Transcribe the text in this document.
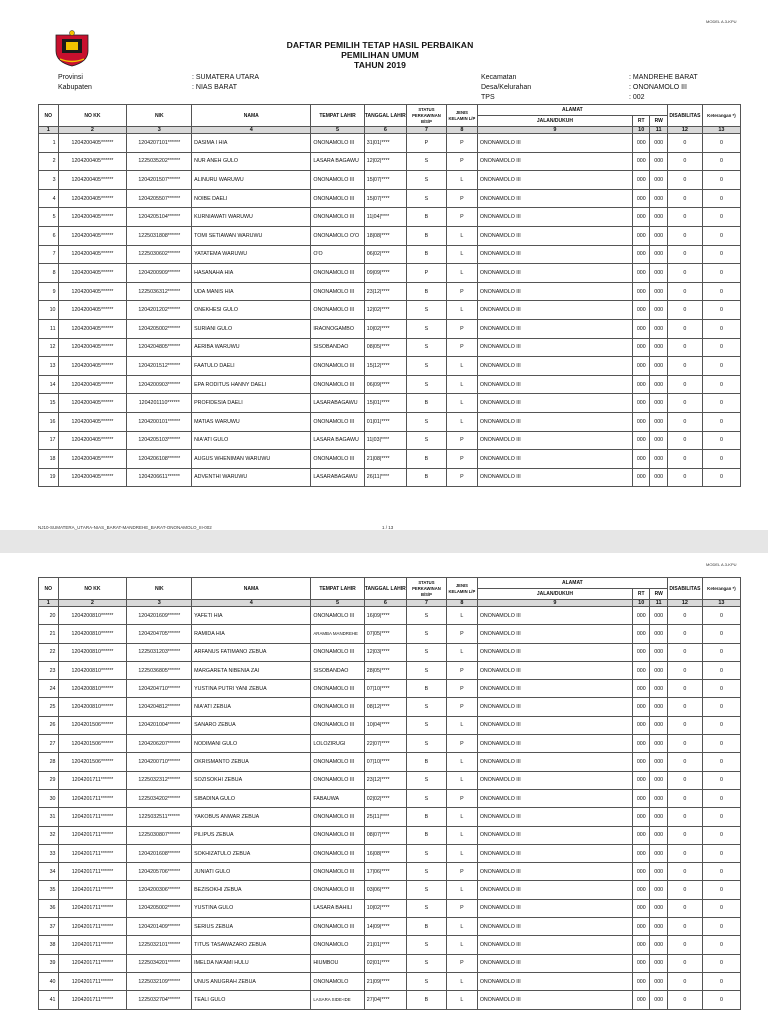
MODEL A.3-KPU
DAFTAR PEMILIH TETAP HASIL PERBAIKAN
PEMILIHAN UMUM
TAHUN 2019
Provinsi	: SUMATERA UTARA
Kabupaten	: NIAS BARAT
Kecamatan	: MANDREHE BARAT
Desa/Kelurahan	: ONONAMOLO III
TPS	: 002
NO	NO KK	NIK	NAMA	TEMPAT LAHIR	TANGGAL LAHIR	STATUS PERKAWINAN B/S/P	JENIS KELAMIN L/P	ALAMAT			DISABILITAS	Keterangan *)
								JALAN/DUKUH	RT	RW		
1	2	3	4	5	6	7	8	9	10	11	12	13
1	1204200405******	1204207101******	DASIMA I HIA	ONONAMOLO III	31|01|****	P	P	ONONAMOLO III	000	000	0	0
2	1204200405******	1225035202******	NUR ANEH GULO	LASARA BAGAWU	12|02|****	S	P	ONONAMOLO III	000	000	0	0
3	1204200405******	1204201507******	ALINURU WARUWU	ONONAMOLO III	15|07|****	S	L	ONONAMOLO III	000	000	0	0
4	1204200405******	1204205507******	NOIBE DAELI	ONONAMOLO III	15|07|****	S	P	ONONAMOLO III	000	000	0	0
5	1204200405******	1204205104******	KURNIAWATI WARUWU	ONONAMOLO III	11|04|****	B	P	ONONAMOLO III	000	000	0	0
6	1204200405******	1225031808******	TOMI SETIAWAN WARUWU	ONONAMOLO O'O	18|08|****	B	L	ONONAMOLO III	000	000	0	0
7	1204200405******	1225030602******	YATATEMA WARUWU	O'O	06|02|****	B	L	ONONAMOLO III	000	000	0	0
8	1204200405******	1204200909******	HASANAHA HIA	ONONAMOLO III	09|09|****	P	L	ONONAMOLO III	000	000	0	0
9	1204200405******	1225036312******	UDA MANIS HIA	ONONAMOLO III	23|12|****	B	P	ONONAMOLO III	000	000	0	0
10	1204200405******	1204201202******	ONEKHESI GULO	ONONAMOLO III	12|02|****	S	L	ONONAMOLO III	000	000	0	0
11	1204200405******	1204205002******	SURIANI GULO	IRAONOGAMBO	10|02|****	S	P	ONONAMOLO III	000	000	0	0
12	1204200405******	1204204805******	AERIBA WARUWU	SISOBANDAO	08|05|****	S	P	ONONAMOLO III	000	000	0	0
13	1204200405******	1204201512******	FAATULO DAELI	ONONAMOLO III	15|12|****	S	L	ONONAMOLO III	000	000	0	0
14	1204200405******	1204200903******	EPA RODITUS HANNY DAELI	ONONAMOLO III	06|09|****	S	L	ONONAMOLO III	000	000	0	0
15	1204200405******	1204201110******	PROFIDESIA DAELI	LASARABAGAWU	15|01|****	B	L	ONONAMOLO III	000	000	0	0
16	1204200405******	1204200101******	MATIAS WARUWU	ONONAMOLO III	01|01|****	S	L	ONONAMOLO III	000	000	0	0
17	1204200405******	1204205103******	NIA'ATI GULO	LASARA BAGAWU	11|03|****	S	P	ONONAMOLO III	000	000	0	0
18	1204200405******	1204206108******	AUGUS WHENIMAN WARUWU	ONONAMOLO III	21|08|****	B	P	ONONAMOLO III	000	000	0	0
19	1204200405******	1204206611******	ADVENTHI WARUWU	LASARABAGAWU	26|11|****	B	P	ONONAMOLO III	000	000	0	0
NJ10-SUMATERA_UTARA-NIAS_BARAT-MANDREHE_BARAT-ONONAMOLO_III-002	1 / 13
MODEL A.3-KPU
NO	NO KK	NIK	NAMA	TEMPAT LAHIR	TANGGAL LAHIR	STATUS PERKAWINAN B/S/P	JENIS KELAMIN L/P	ALAMAT			DISABILITAS	Keterangan *)
								JALAN/DUKUH	RT	RW		
1	2	3	4	5	6	7	8	9	10	11	12	13
20	1204200810******	1204201609******	YAFETI HIA	ONONAMOLO III	16|09|****	S	L	ONONAMOLO III	000	000	0	0
21	1204200810******	1204204705******	RAMIDA HIA	ARAMBA MANDREHE	07|05|****	S	P	ONONAMOLO III	000	000	0	0
22	1204200810******	1225031203******	ARFANUS FATIMANO ZEBUA	ONONAMOLO III	12|03|****	S	L	ONONAMOLO III	000	000	0	0
23	1204200810******	1225036805******	MARGARETA NIBENIA ZAI	SISOBANDAO	28|05|****	S	P	ONONAMOLO III	000	000	0	0
24	1204200810******	1204204710******	YUSTINA PUTRI YANI ZEBUA	ONONAMOLO III	07|10|****	B	P	ONONAMOLO III	000	000	0	0
25	1204200810******	1204204812******	NIA'ATI ZEBUA	ONONAMOLO III	08|12|****	S	P	ONONAMOLO III	000	000	0	0
26	1204201506******	1204201004******	SANARO ZEBUA	ONONAMOLO III	10|04|****	S	L	ONONAMOLO III	000	000	0	0
27	1204201506******	1204206207******	NODIMANI GULO	LOLOZIRUGI	22|07|****	S	P	ONONAMOLO III	000	000	0	0
28	1204201506******	1204200710******	OKRISMANTO ZEBUA	ONONAMOLO III	07|10|****	B	L	ONONAMOLO III	000	000	0	0
29	1204201711******	1225032312******	SOZISOKHI ZEBUA	ONONAMOLO III	23|12|****	S	L	ONONAMOLO III	000	000	0	0
30	1204201711******	1225034202******	SIBADINA GULO	FABAUWA	02|02|****	S	P	ONONAMOLO III	000	000	0	0
31	1204201711******	1225032511******	YAKOBUS ANWAR ZEBUA	ONONAMOLO III	25|11|****	B	L	ONONAMOLO III	000	000	0	0
32	1204201711******	1225030807******	PILIPUS ZEBUA	ONONAMOLO III	08|07|****	B	L	ONONAMOLO III	000	000	0	0
33	1204201711******	1204201608******	SOKHIZATULO ZEBUA	ONONAMOLO III	16|08|****	S	L	ONONAMOLO III	000	000	0	0
34	1204201711******	1204205706******	JUNIATI GULO	ONONAMOLO III	17|06|****	S	P	ONONAMOLO III	000	000	0	0
35	1204201711******	1204200306******	BEZISOKHI ZEBUA	ONONAMOLO III	03|06|****	S	L	ONONAMOLO III	000	000	0	0
36	1204201711******	1204205002******	YUSTINA GULO	LASARA BAHILI	10|02|****	S	P	ONONAMOLO III	000	000	0	0
37	1204201711******	1204201409******	SERIUS ZEBUA	ONONAMOLO III	14|09|****	B	L	ONONAMOLO III	000	000	0	0
38	1204201711******	1225032101******	TITUS TASAWAZARO ZEBUA	ONONAMOLO	21|01|****	S	L	ONONAMOLO III	000	000	0	0
39	1204201711******	1225034201******	IMELDA NA'AMI HULU	HIUMBOU	02|01|****	S	P	ONONAMOLO III	000	000	0	0
40	1204201711******	1225032109******	UNUS ANUGRAH ZEBUA	ONONAMOLO	21|09|****	S	L	ONONAMOLO III	000	000	0	0
41	1204201711******	1225032704******	TEALI GULO	LASARA SIDE-IDE	27|04|****	B	L	ONONAMOLO III	000	000	0	0
